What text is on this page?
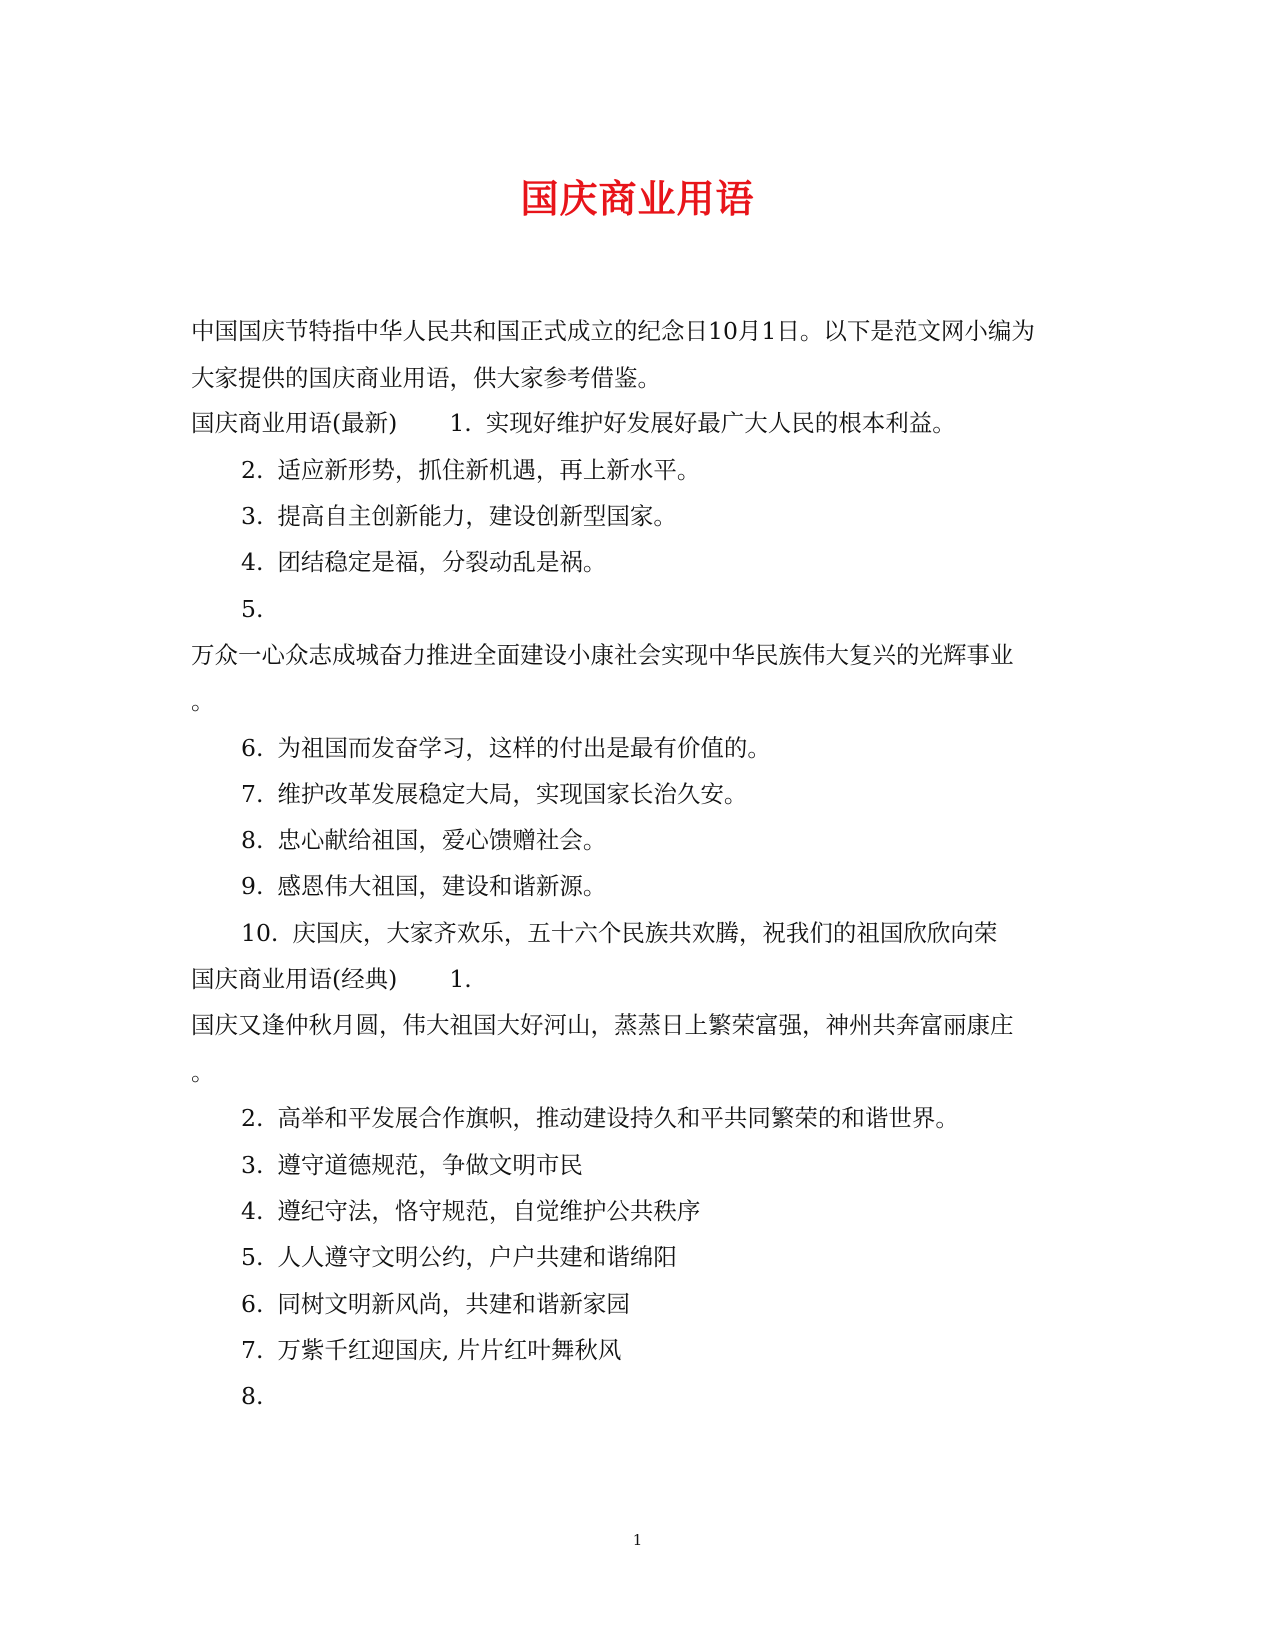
国庆商业用语
中国国庆节特指中华人民共和国正式成立的纪念日10月1日。以下是范文网小编为
大家提供的国庆商业用语，供大家参考借鉴。
国庆商业用语(最新) 1. 实现好维护好发展好最广大人民的根本利益。
2. 适应新形势，抓住新机遇，再上新水平。
3. 提高自主创新能力，建设创新型国家。
4. 团结稳定是福，分裂动乱是祸。
5.
万众一心众志成城奋力推进全面建设小康社会实现中华民族伟大复兴的光辉事业
。
6. 为祖国而发奋学习，这样的付出是最有价值的。
7. 维护改革发展稳定大局，实现国家长治久安。
8. 忠心献给祖国，爱心馈赠社会。
9. 感恩伟大祖国，建设和谐新源。
10. 庆国庆，大家齐欢乐，五十六个民族共欢腾，祝我们的祖国欣欣向荣
国庆商业用语(经典) 1.
国庆又逢仲秋月圆，伟大祖国大好河山，蒸蒸日上繁荣富强，神州共奔富丽康庄
。
2. 高举和平发展合作旗帜，推动建设持久和平共同繁荣的和谐世界。
3. 遵守道德规范，争做文明市民
4. 遵纪守法，恪守规范，自觉维护公共秩序
5. 人人遵守文明公约，户户共建和谐绵阳
6. 同树文明新风尚，共建和谐新家园
7. 万紫千红迎国庆, 片片红叶舞秋风
8.
1
